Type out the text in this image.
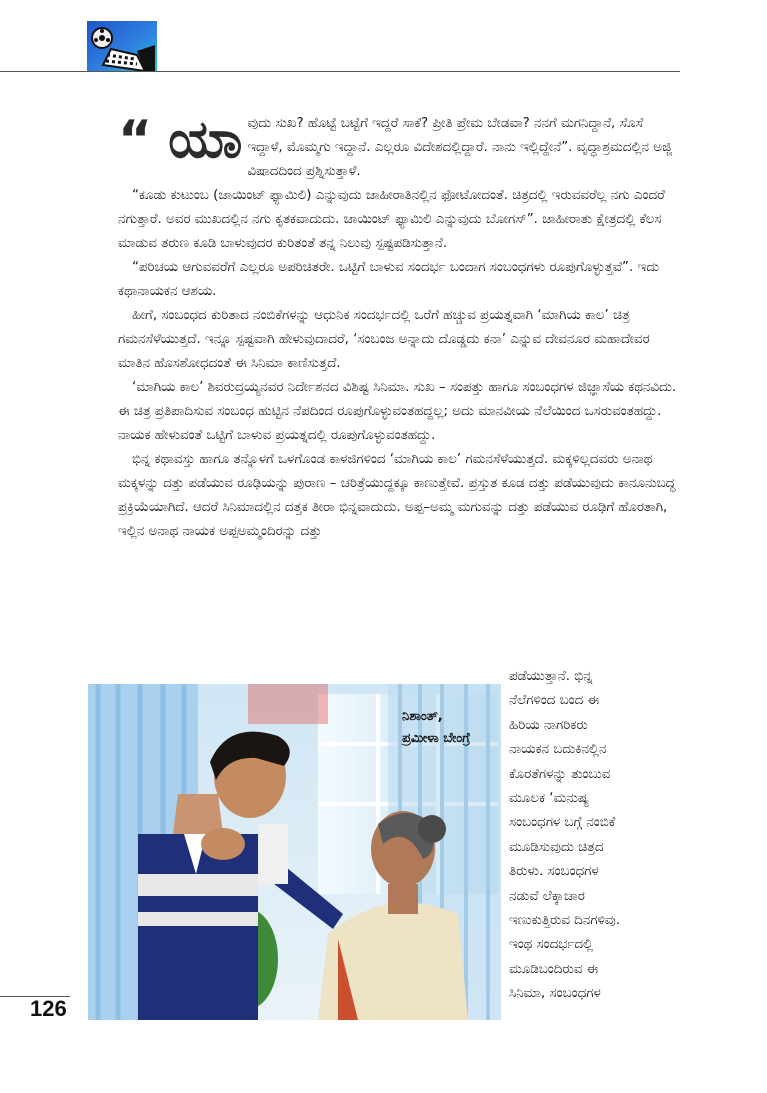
“ ಯಾ ವುದು ಸುಖ? ಹೊಟ್ಟೆ ಬಟ್ಟೆಗೆ ಇದ್ದರೆ ಸಾಕೆ? ಪ್ರೀತಿ ಪ್ರೇಮ ಬೇಡವಾ? ನನಗೆ ಮಗನಿದ್ದಾನೆ, ಸೊಸೆ ಇದ್ದಾಳೆ, ಮೊಮ್ಮಗು ಇದ್ದಾನೆ. ಎಲ್ಲರೂ ವಿದೇಶದಲ್ಲಿದ್ದಾರೆ. ನಾನು ಇಲ್ಲಿದ್ದೇನೆ”. ವೃದ್ಧಾಶ್ರಮದಲ್ಲಿನ ಅಜ್ಜಿ ವಿಷಾದದಿಂದ ಪ್ರಶ್ನಿಸುತ್ತಾಳೆ.

“ಕೂಡು ಕುಟುಂಬ (ಜಾಯಿಂಟ್ ಫ್ಯಾಮಿಲಿ) ಎನ್ನುವುದು ಜಾಹೀರಾತಿನಲ್ಲಿನ ಫೋಟೋದಂತೆ. ಚಿತ್ರದಲ್ಲಿ ಇರುವವರೆಲ್ಲ ನಗು ಎಂದರೆ ನಗುತ್ತಾರೆ. ಅವರ ಮುಖದಲ್ಲಿನ ನಗು ಕೃತಕವಾದುದು. ಜಾಯಿಂಟ್ ಫ್ಯಾಮಿಲಿ ಎನ್ನುವುದು ಬೋಗಸ್”. ಜಾಹೀರಾತು ಕ್ಷೇತ್ರದಲ್ಲಿ ಕೆಲಸ ಮಾಡುವ ತರುಣ ಕೂಡಿ ಬಾಳುವುದರ ಕುರಿತಂತೆ ತನ್ನ ನಿಲುವು ಸ್ಪಷ್ಟಪಡಿಸುತ್ತಾನೆ.

“ಪರಿಚಯ ಆಗುವವರೆಗೆ ಎಲ್ಲರೂ ಅಪರಿಚಿತರೇ. ಒಟ್ಟಿಗೆ ಬಾಳುವ ಸಂದರ್ಭ ಬಂದಾಗ ಸಂಬಂಧಗಳು ರೂಪುಗೊಳ್ಳುತ್ತವೆ”. ಇದು ಕಥಾನಾಯಕನ ಆಶಯ.

ಹೀಗೆ, ಸಂಬಂಧದ ಕುರಿತಾದ ನಂಬಿಕೆಗಳನ್ನು ಆಧುನಿಕ ಸಂದರ್ಭದಲ್ಲಿ ಒರೆಗೆ ಹಚ್ಚುವ ಪ್ರಯತ್ನವಾಗಿ ‘ಮಾಗಿಯ ಕಾಲ’ ಚಿತ್ರ ಗಮನಸೆಳೆಯುತ್ತದೆ. ಇನ್ನೂ ಸ್ಪಷ್ಟವಾಗಿ ಹೇಳುವುದಾದರೆ, ‘ಸಂಬಂಜ ಅನ್ನಾದು ದೊಡ್ಡದು ಕನಾ’ ಎನ್ನುವ ದೇವನೂರ ಮಹಾದೇವರ ಮಾತಿನ ಹೊಸಶೋಧದಂತೆ ಈ ಸಿನಿಮಾ ಕಾಣಿಸುತ್ತದೆ.

‘ಮಾಗಿಯ ಕಾಲ’ ಶಿವರುದ್ರಯ್ಯನವರ ನಿರ್ದೇಶನದ ವಿಶಿಷ್ಟ ಸಿನಿಮಾ. ಸುಖ – ಸಂಪತ್ತು ಹಾಗೂ ಸಂಬಂಧಗಳ ಜಿಜ್ಞಾಸೆಯ ಕಥನವಿದು. ಈ ಚಿತ್ರ ಪ್ರತಿಪಾದಿಸುವ ಸಂಬಂಧ ಹುಟ್ಟಿನ ನೆಪದಿಂದ ರೂಪುಗೊಳ್ಳುವಂತಹದ್ದಲ್ಲ; ಅದು ಮಾನವೀಯ ನೆಲೆಯಿಂದ ಒಸರುವಂತಹದ್ದು. ನಾಯಕ ಹೇಳುವಂತೆ ಒಟ್ಟಿಗೆ ಬಾಳುವ ಪ್ರಯತ್ನದಲ್ಲಿ ರೂಪುಗೊಳ್ಳುವಂತಹದ್ದು.

ಭಿನ್ನ ಕಥಾವಸ್ತು ಹಾಗೂ ತನ್ನೊಳಗೆ ಒಳಗೊಂಡ ಕಾಳಜಿಗಳಿಂದ ‘ಮಾಗಿಯ ಕಾಲ’ ಗಮನಸೆಳೆಯುತ್ತದೆ. ಮಕ್ಕಳಿಲ್ಲದವರು ಅನಾಥ ಮಕ್ಕಳನ್ನು ದತ್ತು ಪಡೆಯುವ ರೂಢಿಯನ್ನು ಪುರಾಣ – ಚರಿತ್ರೆಯುದ್ದಕ್ಕೂ ಕಾಣುತ್ತೇವೆ. ಪ್ರಸ್ತುತ ಕೂಡ ದತ್ತು ಪಡೆಯುವುದು ಕಾನೂನುಬದ್ಧ ಪ್ರಕ್ರಿಯೆಯಾಗಿದೆ. ಆದರೆ ಸಿನಿಮಾದಲ್ಲಿನ ದತ್ತಕ ತೀರಾ ಭಿನ್ನವಾದುದು. ಅಪ್ಪ–ಅಮ್ಮ ಮಗುವನ್ನು ದತ್ತು ಪಡೆಯುವ ರೂಢಿಗೆ ಹೊರತಾಗಿ, ಇಲ್ಲಿನ ಅನಾಥ ನಾಯಕ ಅಪ್ಪಅಮ್ಮಂದಿರನ್ನು ದತ್ತು

ಪಡೆಯುತ್ತಾನೆ. ಭಿನ್ನ
ನೆಲೆಗಳಿಂದ ಬಂದ ಈ
ಹಿರಿಯ ನಾಗರಿಕರು
ನಾಯಕನ ಬದುಕಿನಲ್ಲಿನ
ಕೊರತೆಗಳನ್ನು ತುಂಬುವ
ಮೂಲಕ ‘ಮನುಷ್ಯ
ಸಂಬಂಧಗಳ ಬಗ್ಗೆ ನಂಬಿಕೆ
ಮೂಡಿಸುವುದು ಚಿತ್ರದ
ತಿರುಳು. ಸಂಬಂಧಗಳ
ನಡುವೆ ಲೆಕ್ಕಾಚಾರ
ಇಣುಕುತ್ತಿರುವ ದಿನಗಳಿವು.
ಇಂಥ ಸಂದರ್ಭದಲ್ಲಿ
ಮೂಡಿಬಂದಿರುವ ಈ
ಸಿನಿಮಾ, ಸಂಬಂಧಗಳ
ನಿಶಾಂತ್,
ಪ್ರಮೀಳಾ ಬೇಂಗ್ರೆ
126
